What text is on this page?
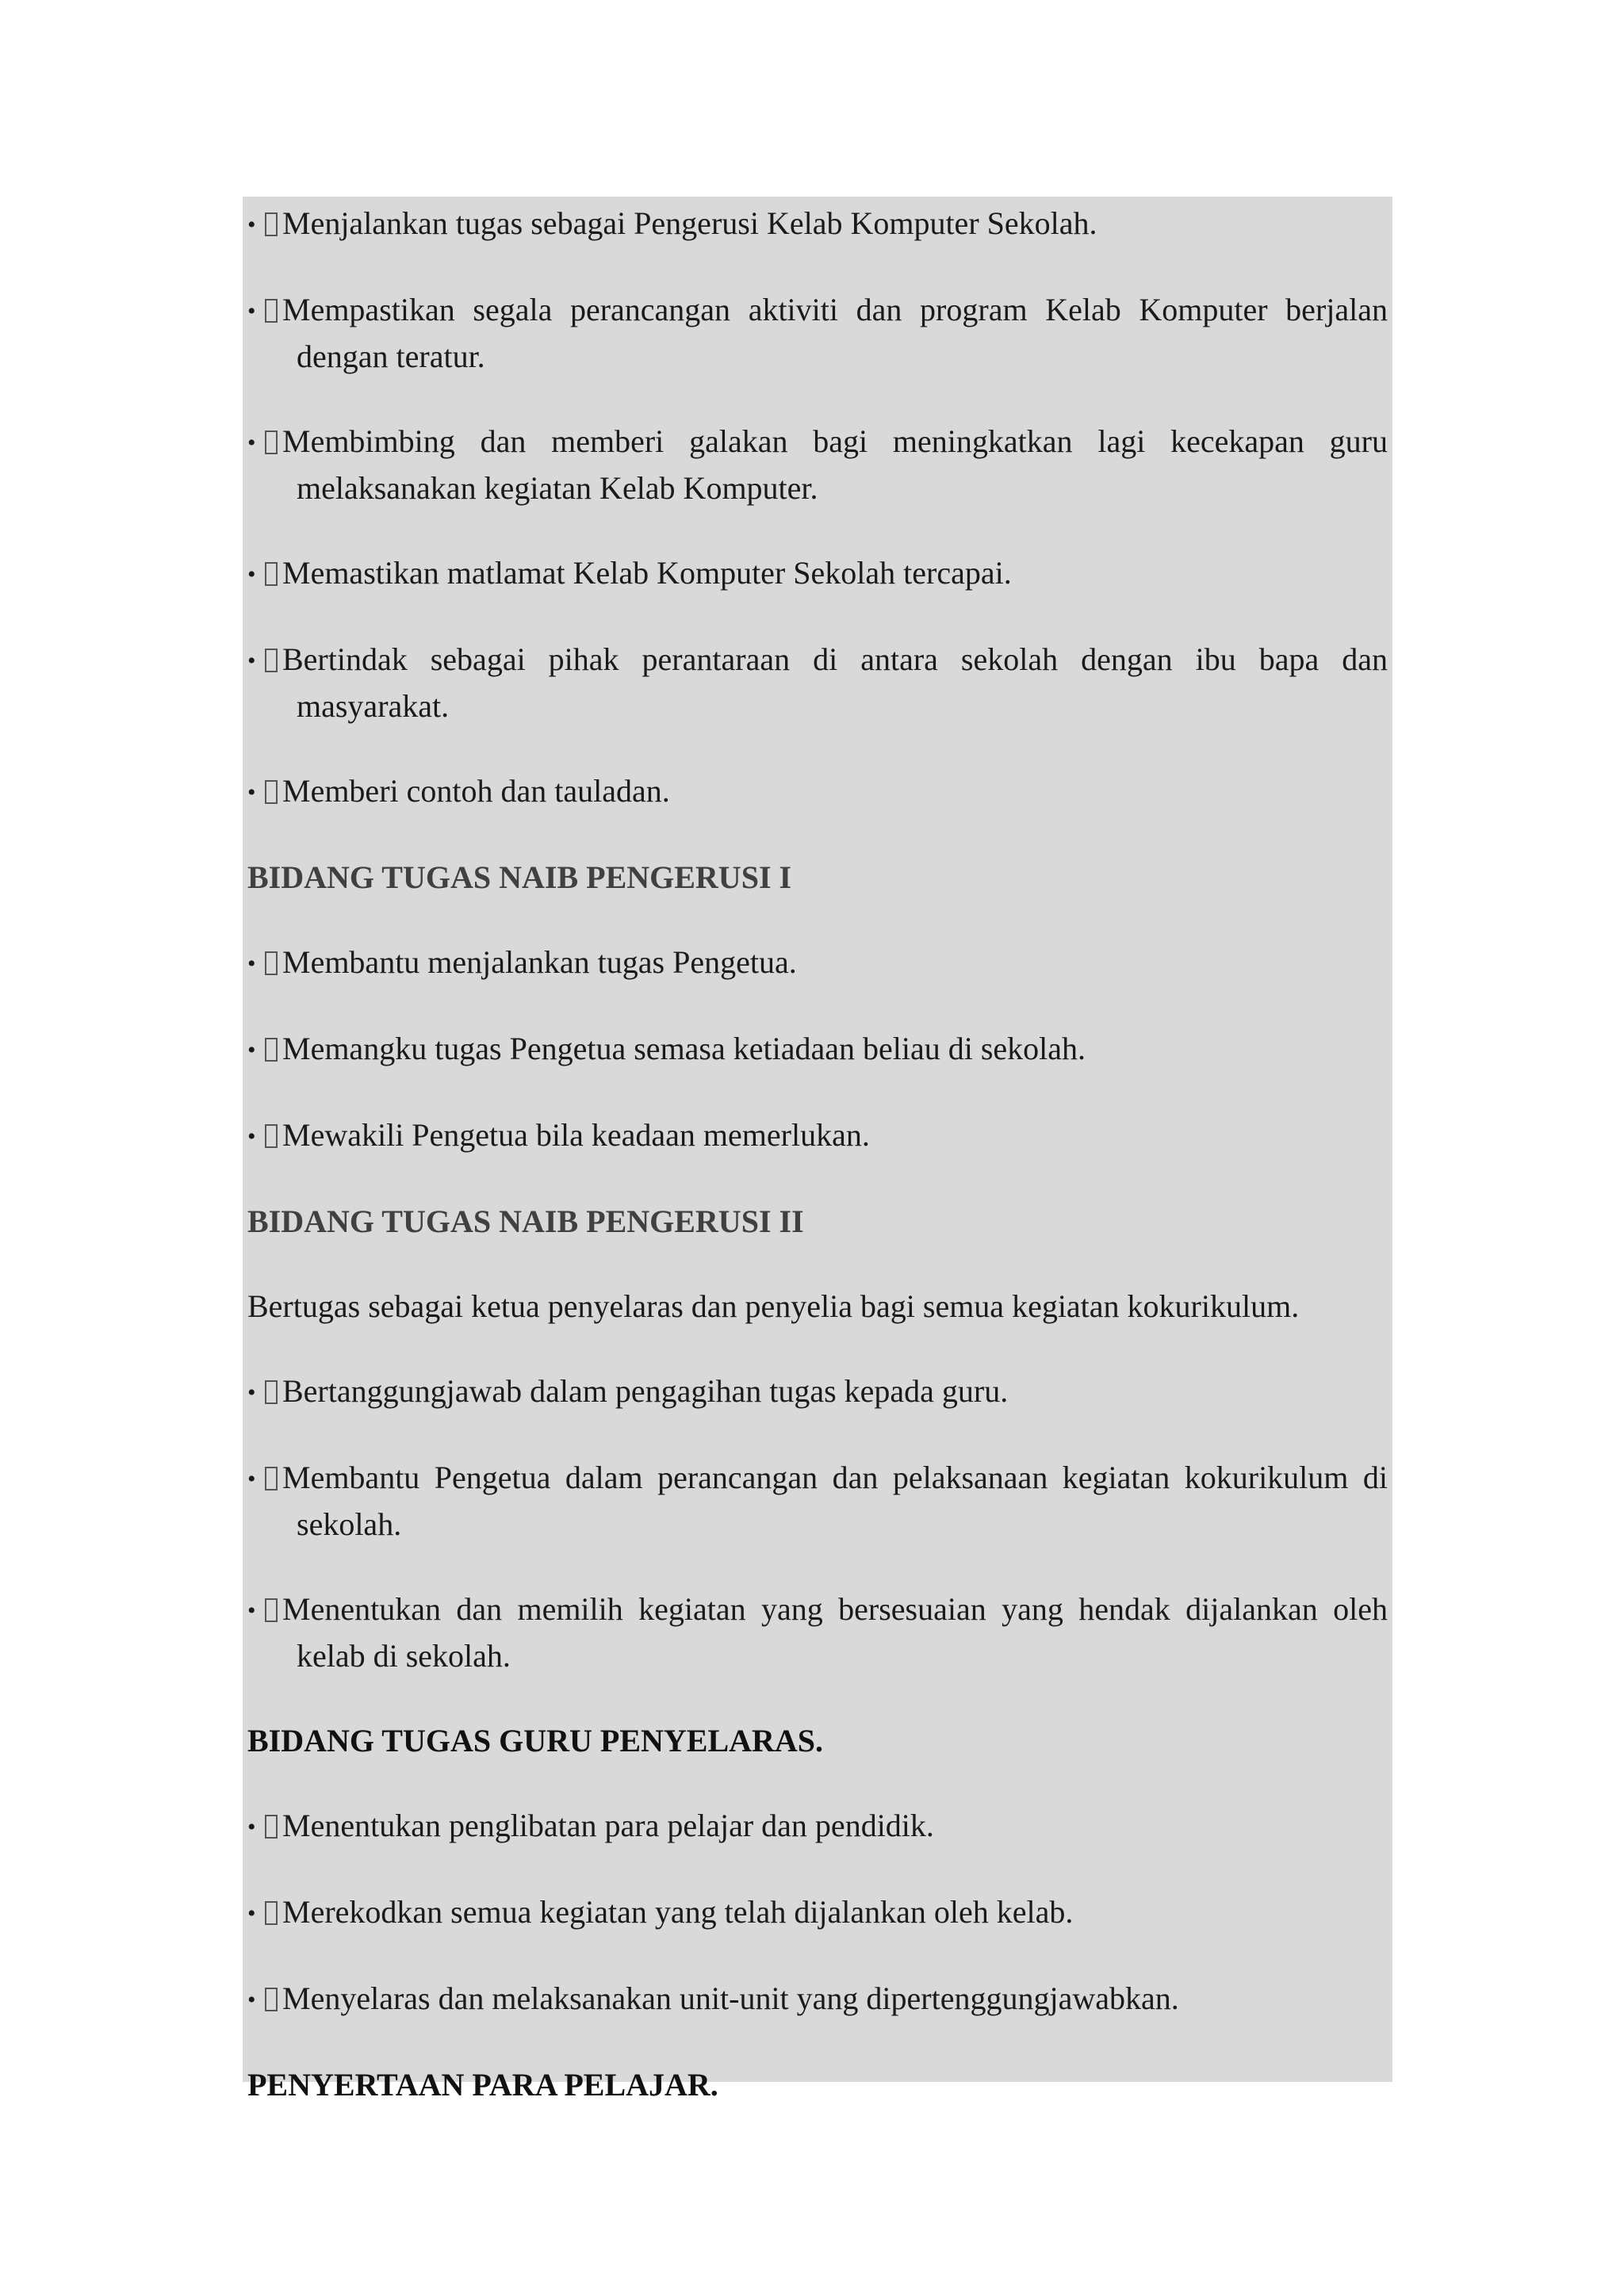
• Menjalankan tugas sebagai Pengerusi Kelab Komputer Sekolah.

• Mempastikan segala perancangan aktiviti dan program Kelab Komputer berjalan dengan teratur.

• Membimbing dan memberi galakan bagi meningkatkan lagi kecekapan guru melaksanakan kegiatan Kelab Komputer.

• Memastikan matlamat Kelab Komputer Sekolah tercapai.

• Bertindak sebagai pihak perantaraan di antara sekolah dengan ibu bapa dan masyarakat.

• Memberi contoh dan tauladan.

BIDANG TUGAS NAIB PENGERUSI I

• Membantu menjalankan tugas Pengetua.

• Memangku tugas Pengetua semasa ketiadaan beliau di sekolah.

• Mewakili Pengetua bila keadaan memerlukan.

BIDANG TUGAS NAIB PENGERUSI II

Bertugas sebagai ketua penyelaras dan penyelia bagi semua kegiatan kokurikulum.

• Bertanggungjawab dalam pengagihan tugas kepada guru.

• Membantu Pengetua dalam perancangan dan pelaksanaan kegiatan kokurikulum di sekolah.

• Menentukan dan memilih kegiatan yang bersesuaian yang hendak dijalankan oleh kelab di sekolah.

BIDANG TUGAS GURU PENYELARAS.

• Menentukan penglibatan para pelajar dan pendidik.

• Merekodkan semua kegiatan yang telah dijalankan oleh kelab.

• Menyelaras dan melaksanakan unit-unit yang dipertenggungjawabkan.

PENYERTAAN PARA PELAJAR.
